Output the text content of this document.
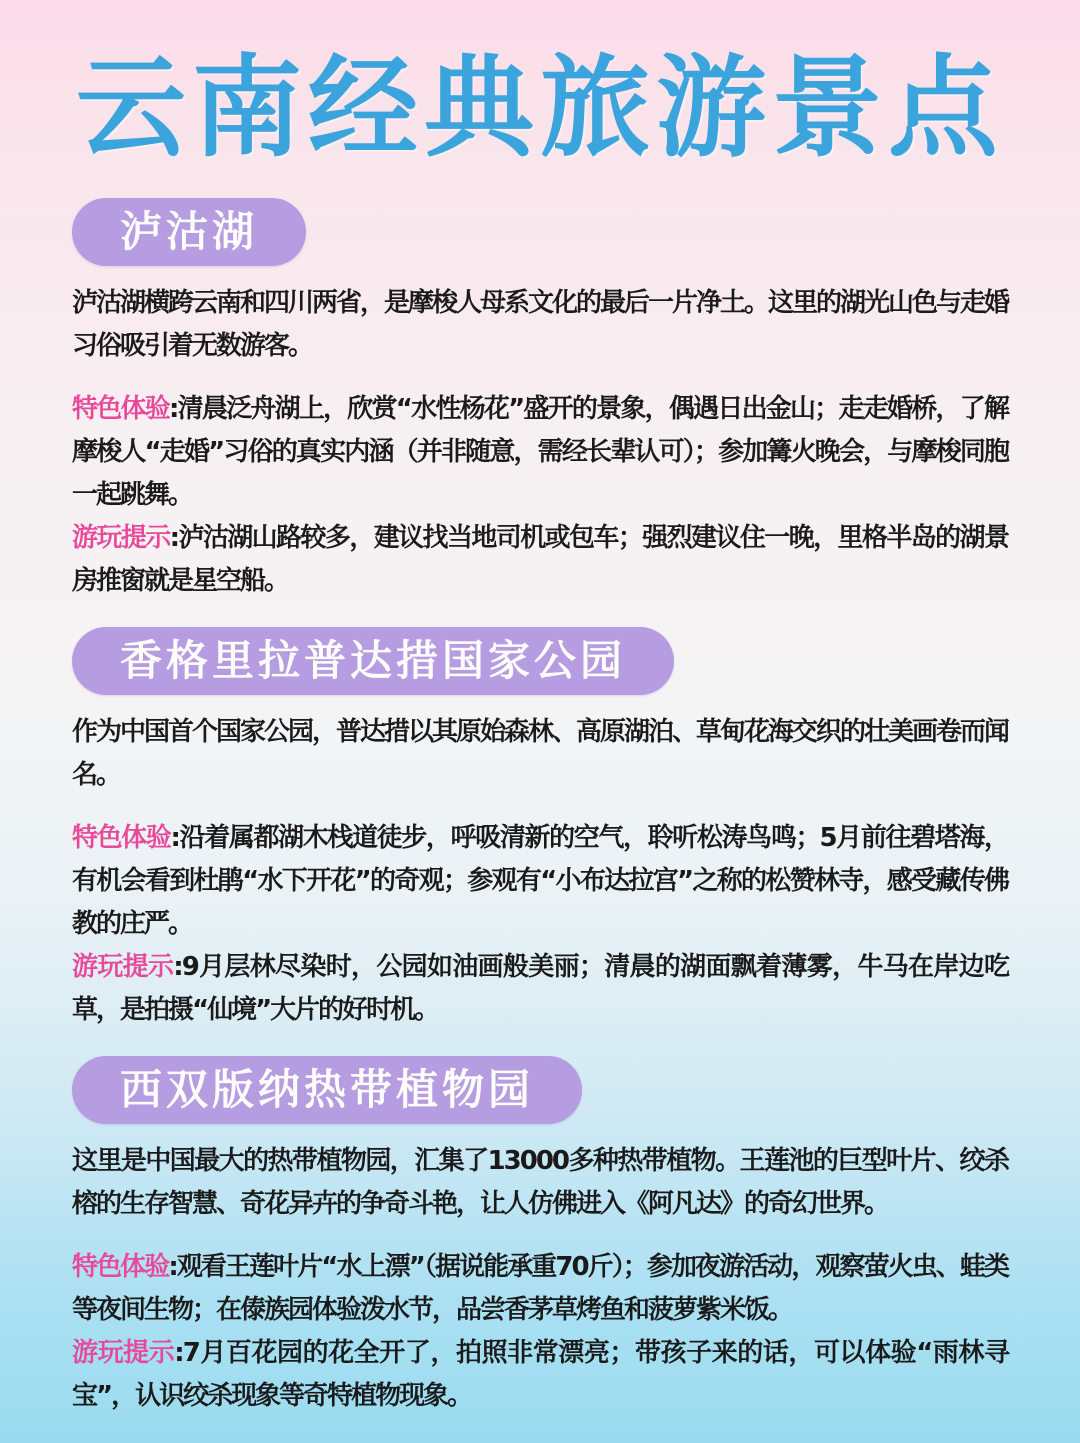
云南经典旅游景点
泸沽湖

泸沽湖横跨云南和四川两省，是摩梭人母系文化的最后一片净土。这里的湖光山色与走婚习俗吸引着无数游客。

特色体验:清晨泛舟湖上，欣赏“水性杨花”盛开的景象，偶遇日出金山；走走婚桥，了解摩梭人“走婚”习俗的真实内涵（并非随意，需经长辈认可）；参加篝火晚会，与摩梭同胞一起跳舞。

游玩提示:泸沽湖山路较多，建议找当地司机或包车；强烈建议住一晚，里格半岛的湖景房推窗就是星空船。

香格里拉普达措国家公园

作为中国首个国家公园，普达措以其原始森林、高原湖泊、草甸花海交织的壮美画卷而闻名。

特色体验:沿着属都湖木栈道徒步，呼吸清新的空气，聆听松涛鸟鸣；5月前往碧塔海，有机会看到杜鹃“水下开花”的奇观；参观有“小布达拉宫”之称的松赞林寺，感受藏传佛教的庄严。

游玩提示:9月层林尽染时，公园如油画般美丽；清晨的湖面飘着薄雾，牛马在岸边吃草，是拍摄“仙境”大片的好时机。

西双版纳热带植物园

这里是中国最大的热带植物园，汇集了13000多种热带植物。王莲池的巨型叶片、绞杀榕的生存智慧、奇花异卉的争奇斗艳，让人仿佛进入《阿凡达》的奇幻世界。

特色体验:观看王莲叶片“水上漂”（据说能承重70斤）；参加夜游活动，观察萤火虫、蛙类等夜间生物；在傣族园体验泼水节，品尝香茅草烤鱼和菠萝紫米饭。

游玩提示:7月百花园的花全开了，拍照非常漂亮；带孩子来的话，可以体验“雨林寻宝”，认识绞杀现象等奇特植物现象。
